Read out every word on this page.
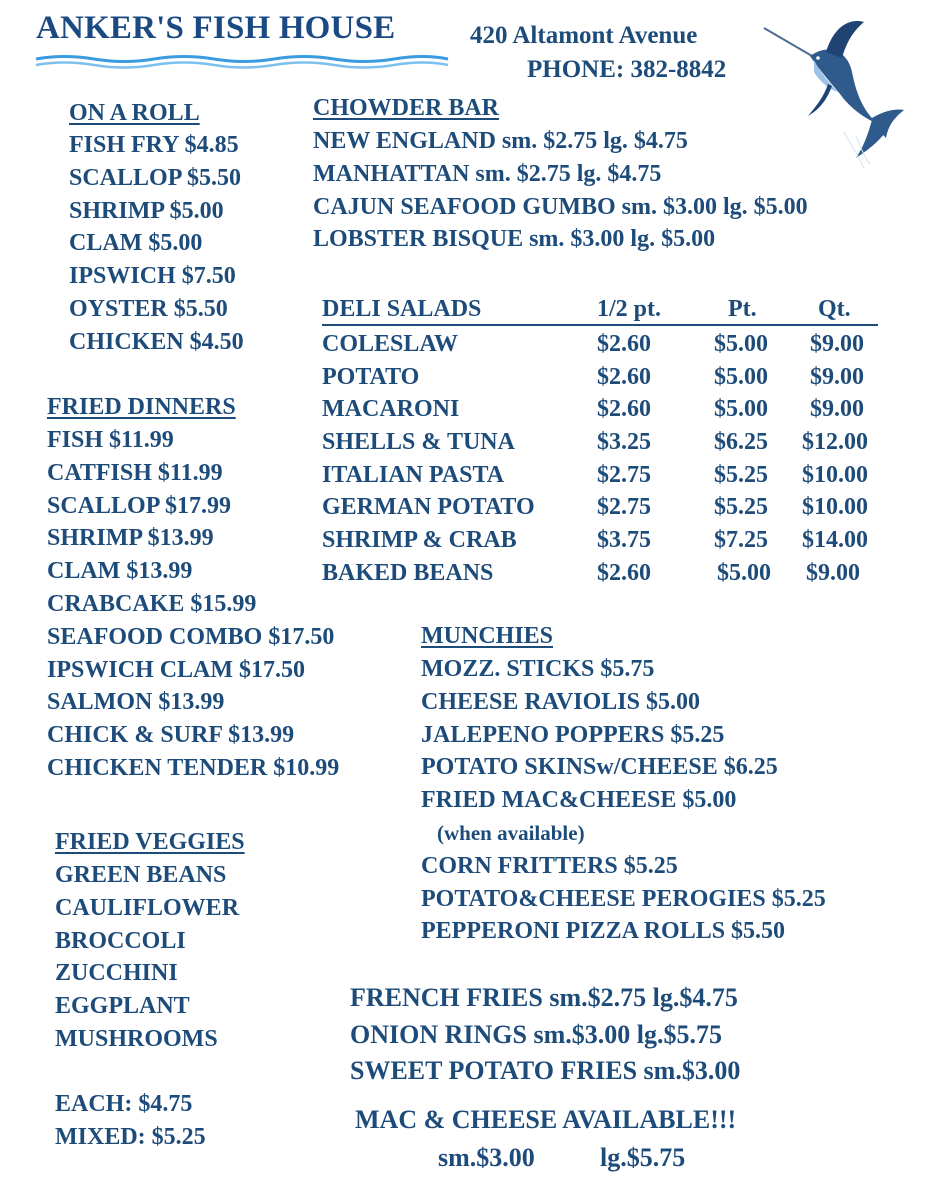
ANKER'S FISH HOUSE	420 Altamont Avenue
PHONE: 382-8842
ON A ROLL
FISH FRY $4.85
SCALLOP $5.50
SHRIMP $5.00
CLAM $5.00
IPSWICH $7.50
OYSTER $5.50
CHICKEN $4.50
CHOWDER BAR
NEW ENGLAND sm. $2.75 lg. $4.75
MANHATTAN sm. $2.75 lg. $4.75
CAJUN SEAFOOD GUMBO sm. $3.00 lg. $5.00
LOBSTER BISQUE sm. $3.00 lg. $5.00
DELI SALADS	1/2 pt.	Pt.	Qt.
COLESLAW	$2.60	$5.00 $9.00
POTATO	$2.60	$5.00 $9.00
MACARONI	$2.60	$5.00 $9.00
SHELLS & TUNA	$3.25	$6.25 $12.00
ITALIAN PASTA	$2.75	$5.25 $10.00
GERMAN POTATO	$2.75	$5.25 $10.00
SHRIMP & CRAB	$3.75	$7.25 $14.00
BAKED BEANS	$2.60	$5.00 $9.00
FRIED DINNERS
FISH $11.99
CATFISH $11.99
SCALLOP $17.99
SHRIMP $13.99
CLAM $13.99
CRABCAKE $15.99
SEAFOOD COMBO $17.50
IPSWICH CLAM $17.50
SALMON $13.99
CHICK & SURF $13.99
CHICKEN TENDER $10.99
MUNCHIES
MOZZ. STICKS $5.75
CHEESE RAVIOLIS $5.00
JALEPENO POPPERS $5.25
POTATO SKINSw/CHEESE $6.25
FRIED MAC&CHEESE $5.00
(when available)
CORN FRITTERS $5.25
POTATO&CHEESE PEROGIES $5.25
PEPPERONI PIZZA ROLLS $5.50
FRIED VEGGIES
GREEN BEANS
CAULIFLOWER
BROCCOLI
ZUCCHINI
EGGPLANT
MUSHROOMS
EACH: $4.75
MIXED: $5.25
FRENCH FRIES sm.$2.75 lg.$4.75
ONION RINGS sm.$3.00 lg.$5.75
SWEET POTATO FRIES sm.$3.00
MAC & CHEESE AVAILABLE!!!
sm.$3.00	lg.$5.75
